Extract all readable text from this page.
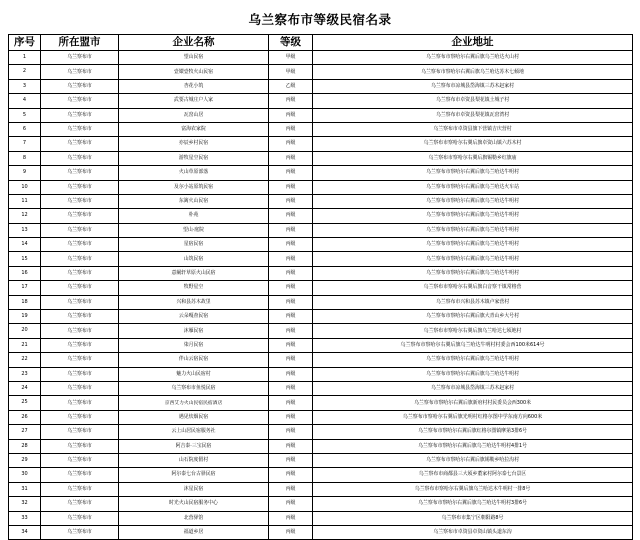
乌兰察布市等级民宿名录
序号	所在盟市	企业名称	等级	企业地址

1	乌兰察布市	望山民宿	甲级	乌兰察布市察哈尔右翼后旗乌兰哈达火山村

2	乌兰察布市	壹嬛壹牧火山民宿	甲级	乌兰察布市察哈尔右翼后旗乌兰哈达苏木七倾地

3	乌兰察布市	杏花小筑	乙级	乌兰察布市凉城县岱海镇三苏木赵家村

4	乌兰察布市	武要古城庄户人家	丙级	乌兰察布市卓资县梨花镇土城子村

5	乌兰察布市	瓦窑山居	丙级	乌兰察布市卓资县梨花镇瓦窑湾村

6	乌兰察布市	富海农家院	丙级	乌兰察布市卓资县旗下营镇吉庆营村

7	乌兰察布市	亦辰乡村民宿	丙级	乌兰察布市察哈尔右翼后旗卓资山镇六苏木村

8	乌兰察布市	游牧星空民宿	丙级	乌兰察布市察哈尔右翼后旗锡勒乡红旗庙

9	乌兰察布市	火山草原部落	丙级	乌兰察布市察哈尔右翼后旗乌兰哈达牛明村

10	乌兰察布市	及尔小站原筑民宿	丙级	乌兰察布市察哈尔右翼后旗乌兰哈达火车站

11	乌兰察布市	东篱火山民宿	丙级	乌兰察布市察哈尔右翼后旗乌兰哈达牛明村

12	乌兰察布市	朴苑	丙级	乌兰察布市察哈尔右翼后旗乌兰哈达牛明村

13	乌兰察布市	望山·庭院	丙级	乌兰察布市察哈尔右翼后旗乌兰哈达牛明村

14	乌兰察布市	星宿民宿	丙级	乌兰察布市察哈尔右翼后旗乌兰哈达牛明村

15	乌兰察布市	山筑民宿	丙级	乌兰察布市察哈尔右翼后旗乌兰哈达牛明村

16	乌兰察布市	意阑轩草原火山民宿	丙级	乌兰察布市察哈尔右翼后旗乌兰哈达牛明村

17	乌兰察布市	牧野星空	丙级	乌兰察布市察哈尔右翼后旗白音察干镇常格营

18	乌兰察布市	兴和县苏木故里	丙级	乌兰察布市兴和县苏木镇卢家营村

19	乌兰察布市	云朵嘎查民宿	丙级	乌兰察布市察哈尔右翼后旗大青山乡大号村

20	乌兰察布市	沐雁民宿	丙级	乌兰察布市察哈尔右翼后旗乌兰哈达七顷地村

21	乌兰察布市	柒月民宿	丙级	乌兰察布市察哈尔右翼后旗乌兰哈达牛明村村委会西100米614号

22	乌兰察布市	伴山云宿民宿	丙级	乌兰察布市察哈尔右翼后旗乌兰哈达牛明村

23	乌兰察布市	魅力火山民宿村	丙级	乌兰察布市察哈尔右翼后旗乌兰哈达牛明村

24	乌兰察布市	乌兰察布市鱼悦民宿	丙级	乌兰察布市凉城县岱海镇三苏木赵家村

25	乌兰察布市	京西艾力火山民宿民宿酒店	丙级	乌兰察布市察哈尔右翼后旗新府村村民委员会西300米

26	乌兰察布市	遇见炊烟民宿	丙级	乌兰察布市察哈尔右翼后旗光明村红格尔图中学东南方向600米

27	乌兰察布市	云上山居民宿服务社	丙级	乌兰察布市察哈尔右翼后旗红格尔图镇摩第3排6号

28	乌兰察布市	阿吉泰·三宝民宿	丙级	乌兰察布市察哈尔右翼后旗乌兰哈达牛明村4排1号

29	乌兰察布市	山石院度假村	丙级	乌兰察布市察哈尔右翼后旗锡勒乡哈拉沟村

30	乌兰察布市	阿尔泰七台古驿民宿	丙级	乌兰察布市商都县三大顷乡董家村阿尔泰七台景区

31	乌兰察布市	沐星民宿	丙级	乌兰察布市察哈尔右翼后旗乌兰哈达木牛明村一排8号

32	乌兰察布市	时光火山民宿服务中心	丙级	乌兰察布市察哈尔右翼后旗乌兰哈达牛明村3排6号

33	乌兰察布市	北营驿馆	丙级	乌兰察布市集宁区朝阳路8号

34	乌兰察布市	福道乡居	丙级	乌兰察布市卓资县卓资山镇头道东沟
